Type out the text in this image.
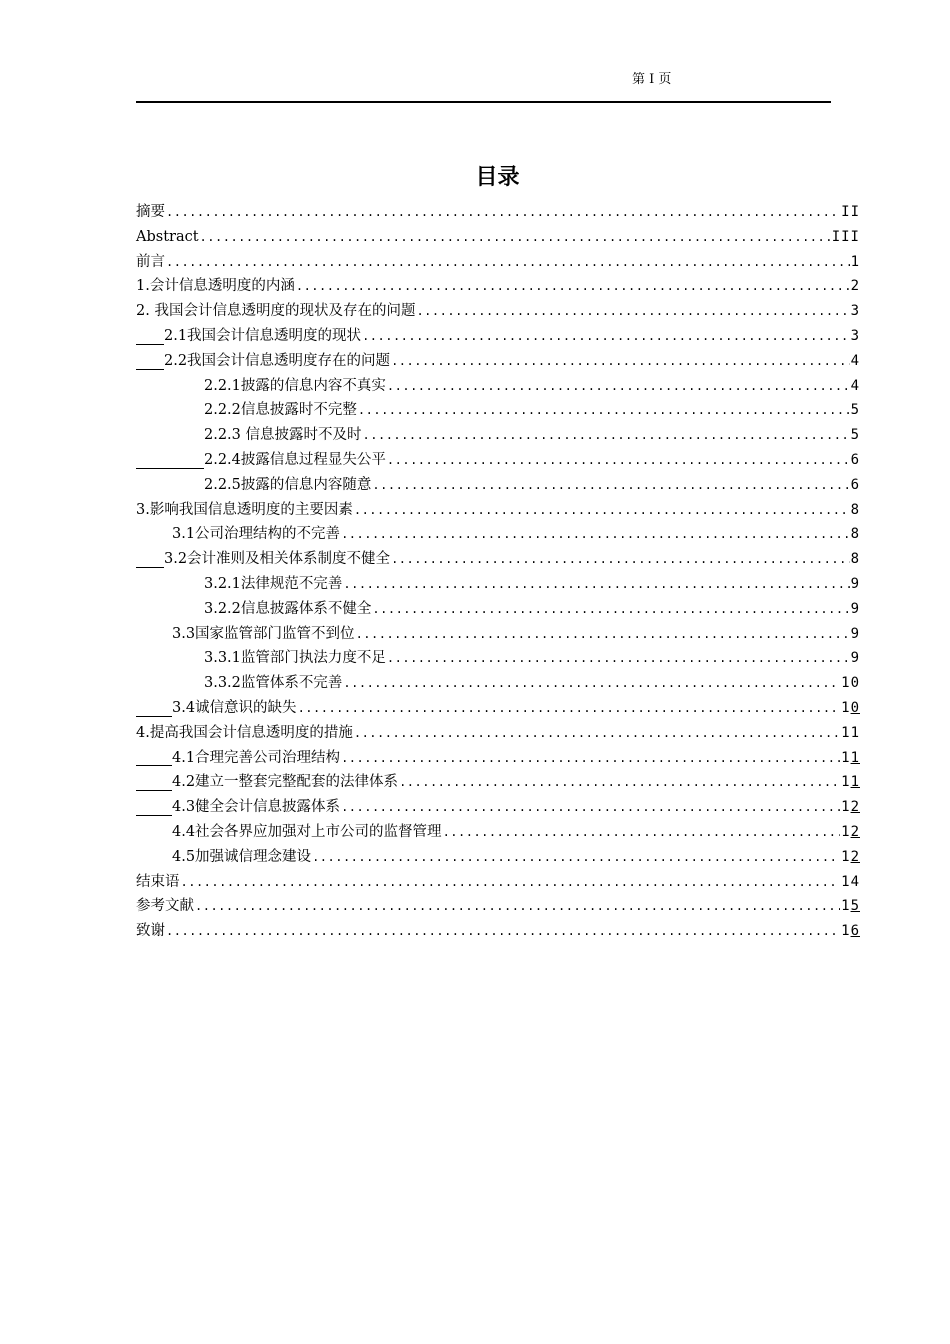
第 I 页
目录
摘要 .....	II
Abstract .....	III
前言 .....	1
1.会计信息透明度的内涵 .....	2
2. 我国会计信息透明度的现状及存在的问题 .....	3
2.1我国会计信息透明度的现状 .....	3
2.2我国会计信息透明度存在的问题 .....	4
2.2.1披露的信息内容不真实 .....	4
2.2.2信息披露时不完整 .....	5
2.2.3 信息披露时不及时 .....	5
2.2.4披露信息过程显失公平 .....	6
2.2.5披露的信息内容随意 .....	6
3.影响我国信息透明度的主要因素 .....	8
3.1公司治理结构的不完善 .....	8
3.2会计准则及相关体系制度不健全 .....	8
3.2.1法律规范不完善 .....	9
3.2.2信息披露体系不健全 .....	9
3.3国家监管部门监管不到位 .....	9
3.3.1监管部门执法力度不足 .....	9
3.3.2监管体系不完善 .....	10
3.4诚信意识的缺失 .....	10
4.提高我国会计信息透明度的措施 .....	11
4.1合理完善公司治理结构 .....	11
4.2建立一整套完整配套的法律体系 .....	11
4.3健全会计信息披露体系 .....	12
4.4社会各界应加强对上市公司的监督管理 .....	12
4.5加强诚信理念建设 .....	12
结束语 .....	14
参考文献 .....	15
致谢 .....	16
